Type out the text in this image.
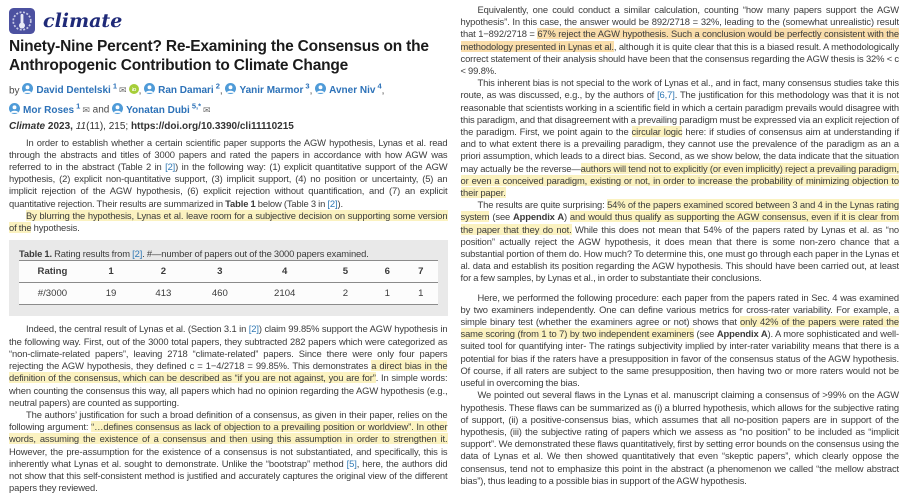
climate
Ninety-Nine Percent? Re-Examining the Consensus on the Anthropogenic Contribution to Climate Change
by David Dentelski  $^1$ ✉ iD , Ran Damari  $^2$, Yanir Marmor  $^3$, Avner Niv  $^4$, Mor Roses  $^1$ ✉ and Yonatan Dubi  $^{5,*}$ ✉
Climate 2023, 11(11), 215; https://doi.org/10.3390/cli11110215

In order to establish whether a certain scientific paper supports the AGW hypothesis, Lynas et al. read through the abstracts and titles of 3000 papers and rated the papers in accordance with how AGW was referred to in the abstract (Table 2 in [2]) in the following way: (1) explicit quantitative support of the AGW hypothesis, (2) explicit non-quantitative support, (3) implicit support, (4) no position or uncertainty, (5) an implicit rejection of the AGW hypothesis, (6) explicit rejection without quantification, and (7) an explicit quantitative rejection. Their results are summarized in Table 1 below (Table 3 in [2]).

By blurring the hypothesis, Lynas et al. leave room for a subjective decision on supporting some version of the hypothesis.

Table 1. Rating results from [2]. #—number of papers out of the 3000 papers examined.

Rating	1	2	3	4	5	6	7
#/3000	19	413	460	2104	2	1	1

Indeed, the central result of Lynas et al. (Section 3.1 in [2]) claim 99.85% support the AGW hypothesis in the following way. First, out of the 3000 total papers, they subtracted 282 papers which were categorized as “non-climate-related papers”, leaving 2718 “climate-related” papers. Since there were only four papers rejecting the AGW hypothesis, they defined c = 1−4/2718 = 99.85%. This demonstrates a direct bias in the definition of the consensus, which can be described as “if you are not against, you are for”. In simple words: when counting the consensus this way, all papers which had no opinion regarding the AGW hypothesis (e.g., neutral papers) are counted as supporting.

The authors’ justification for such a broad definition of a consensus, as given in their paper, relies on the following argument: “…defines consensus as lack of objection to a prevailing position or worldview”. In other words, assuming the existence of a consensus and then using this assumption in order to strengthen it. However, the pre-assumption for the existence of a consensus is not substantiated, and specifically, this is inherently what Lynas et al. sought to demonstrate. Unlike the “bootstrap” method [5], here, the authors did not show that this self-consistent method is justified and accurately captures the original view of the different papers they reviewed.

Equivalently, one could conduct a similar calculation, counting “how many papers support the AGW hypothesis”. In this case, the answer would be 892/2718 = 32%, leading to the (somewhat unrealistic) result that 1−892/2718 = 67% reject the AGW hypothesis. Such a conclusion would be perfectly consistent with the methodology presented in Lynas et al., although it is quite clear that this is a biased result. A methodologically correct statement of their analysis should have been that the consensus regarding the AGW thesis is 32% < c < 99.8%.

This inherent bias is not special to the work of Lynas et al., and in fact, many consensus studies take this route, as was discussed, e.g., by the authors of [6,7]. The justification for this methodology was that it is not reasonable that scientists working in a scientific field in which a certain paradigm prevails would disagree with this paradigm, and that disagreement with a prevailing paradigm must be expressed via an explicit rejection of the paradigm. First, we point again to the circular logic here: if studies of consensus aim at understanding if and to what extent there is a prevailing paradigm, they cannot use the prevalence of the paradigm as an a priori assumption, which leads to a direct bias. Second, as we show below, the data indicate that the situation may actually be the reverse—authors will tend not to explicitly (or even implicitly) reject a prevailing paradigm, or even a conceived paradigm, existing or not, in order to increase the probability of minimizing objection to their paper.

The results are quite surprising: 54% of the papers examined scored between 3 and 4 in the Lynas rating system (see Appendix A) and would thus qualify as supporting the AGW consensus, even if it is clear from the paper that they do not. While this does not mean that 54% of the papers rated by Lynas et al. as “no position” actually reject the AGW hypothesis, it does mean that there is some non-zero chance that a substantial portion of them do. How much? To determine this, one must go through each paper in the Lynas et al. data and establish its position regarding the AGW hypothesis. This should have been carried out, at least for a few samples, by Lynas et al., in order to substantiate their conclusions.

Here, we performed the following procedure: each paper from the papers rated in Sec. 4 was examined by two examiners independently. One can define various metrics for cross-rater variability. For example, a simple binary test (whether the examiners agree or not) shows that only 42% of the papers were rated the same scoring (from 1 to 7) by two independent examiners (see Appendix A). A more sophisticated and well-suited tool for quantifying inter- The ratings subjectivity implied by inter-rater variability means that there is a potential for bias if the raters have a presupposition in favor of the consensus status of the AGW hypothesis. Of course, if all raters are subject to the same presupposition, then having two or more raters would not be useful in overcoming the bias.

We pointed out several flaws in the Lynas et al. manuscript claiming a consensus of >99% on the AGW hypothesis. These flaws can be summarized as (i) a blurred hypothesis, which allows for the subjective rating of support, (ii) a positive-consensus bias, which assumes that all no-position papers are in support of the hypothesis, (iii) the subjective rating of papers which we assess as “no position” to be included as “implicit support”. We demonstrated these flaws quantitatively, first by setting error bounds on the consensus using the data of Lynas et al. We then showed quantitatively that even “skeptic papers”, which clearly oppose the consensus, tend not to emphasize this point in the abstract (a phenomenon we called “the mellow abstract bias”), thus leading to a possible bias in support of the AGW hypothesis.
